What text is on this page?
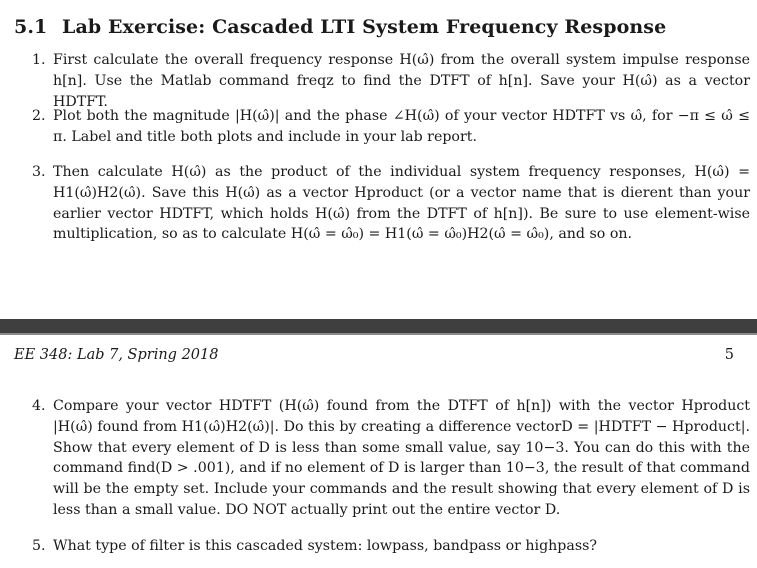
5.1 Lab Exercise: Cascaded LTI System Frequency Response
1. First calculate the overall frequency response H(ω̂) from the overall system impulse response h[n]. Use the Matlab command freqz to find the DTFT of h[n]. Save your H(ω̂) as a vector HDTFT.
2. Plot both the magnitude |H(ω̂)| and the phase ∠H(ω̂) of your vector HDTFT vs ω̂, for −π ≤ ω̂ ≤ π. Label and title both plots and include in your lab report.
3. Then calculate H(ω̂) as the product of the individual system frequency responses, H(ω̂) = H1(ω̂)H2(ω̂). Save this H(ω̂) as a vector Hproduct (or a vector name that is dierent than your earlier vector HDTFT, which holds H(ω̂) from the DTFT of h[n]). Be sure to use element-wise multiplication, so as to calculate H(ω̂ = ω̂₀) = H1(ω̂ = ω̂₀)H2(ω̂ = ω̂₀), and so on.
EE 348: Lab 7, Spring 2018	5
4. Compare your vector HDTFT (H(ω̂) found from the DTFT of h[n]) with the vector Hproduct |H(ω̂) found from H1(ω̂)H2(ω̂)|. Do this by creating a difference vectorD = |HDTFT − Hproduct|. Show that every element of D is less than some small value, say 10−3. You can do this with the command find(D > .001), and if no element of D is larger than 10−3, the result of that command will be the empty set. Include your commands and the result showing that every element of D is less than a small value. DO NOT actually print out the entire vector D.
5. What type of filter is this cascaded system: lowpass, bandpass or highpass?
